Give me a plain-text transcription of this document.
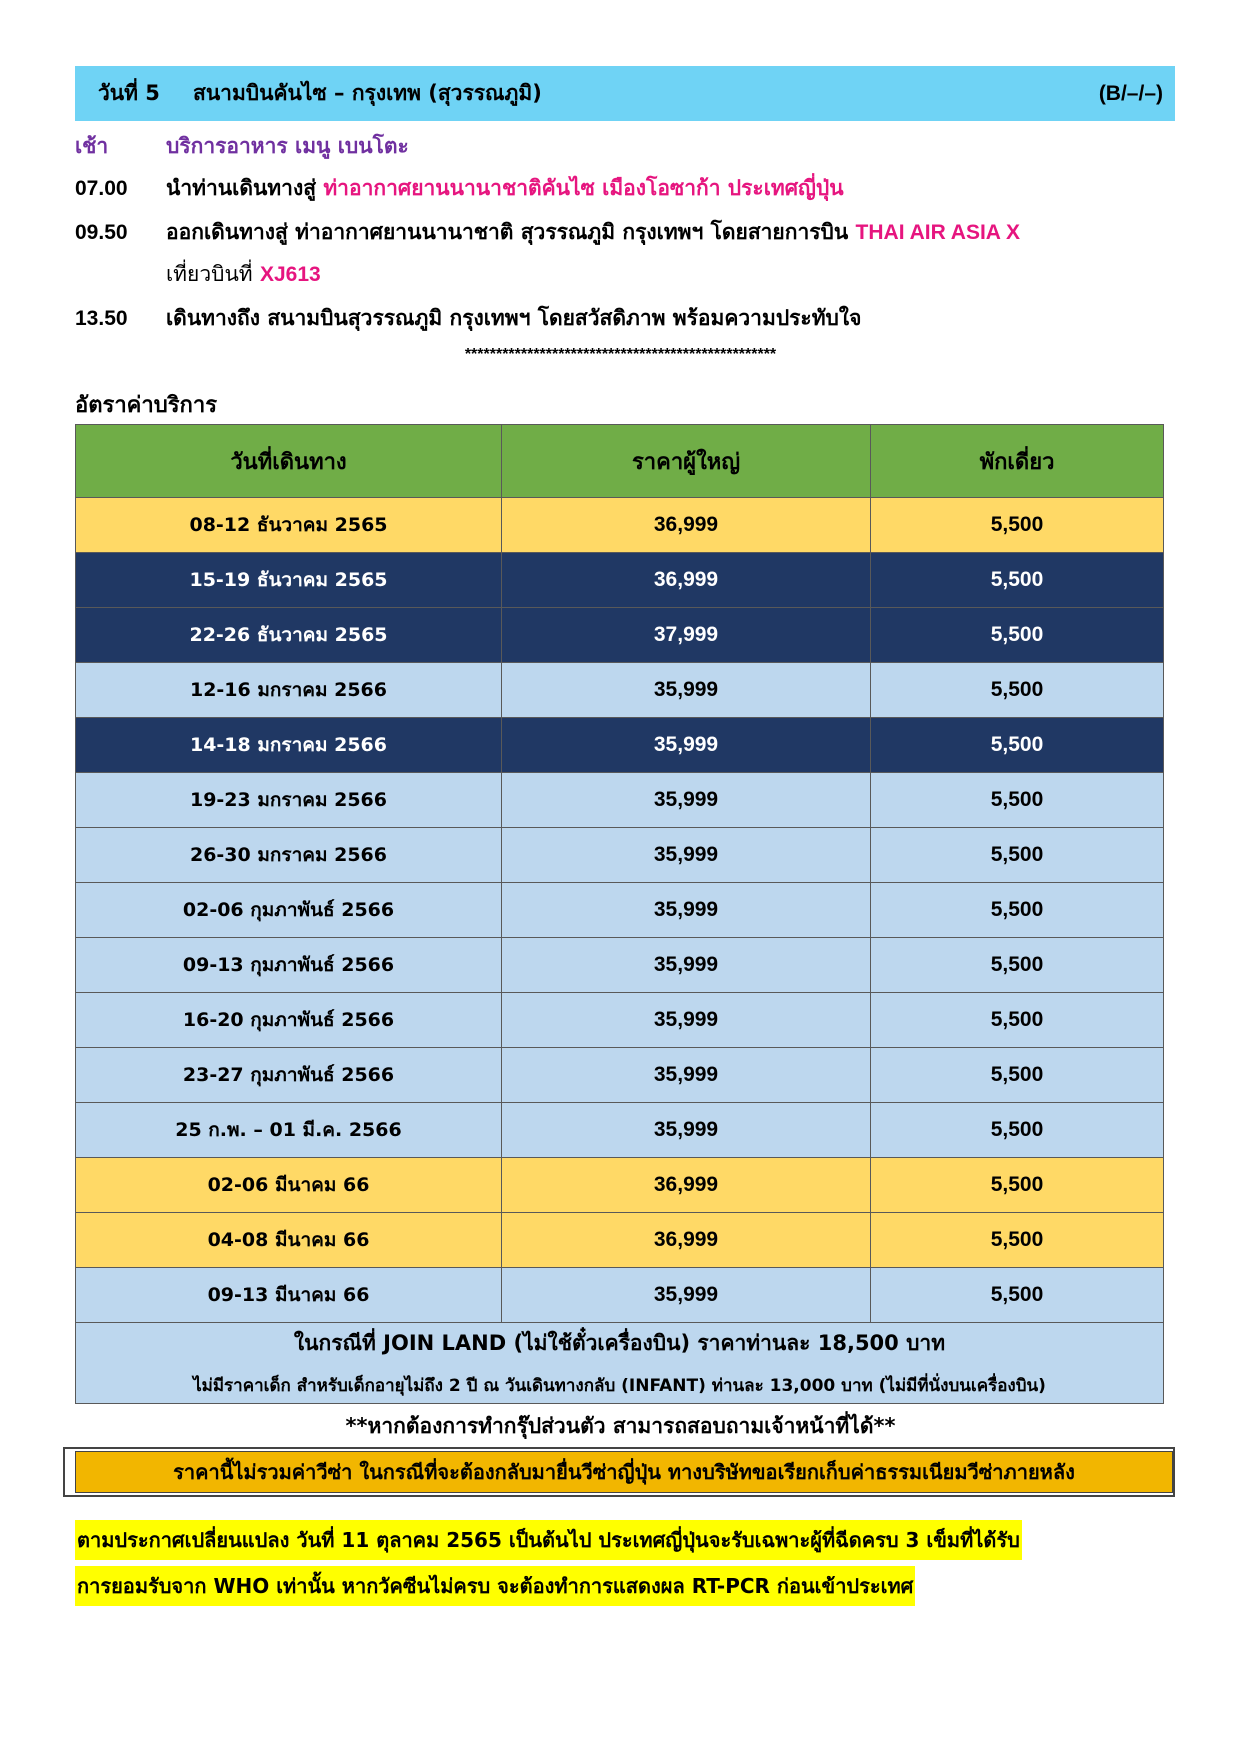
วันที่ 5	สนามบินคันไซ – กรุงเทพ (สุวรรณภูมิ)	(B/–/–)
เช้า	บริการอาหาร เมนู เบนโตะ
07.00 นำท่านเดินทางสู่ ท่าอากาศยานนานาชาติคันไซ เมืองโอซาก้า ประเทศญี่ปุ่น
09.50 ออกเดินทางสู่ ท่าอากาศยานนานาชาติ สุวรรณภูมิ กรุงเทพฯ โดยสายการบิน THAI AIR ASIA X
เที่ยวบินที่ XJ613
13.50 เดินทางถึง สนามบินสุวรรณภูมิ กรุงเทพฯ โดยสวัสดิภาพ พร้อมความประทับใจ
**************************************************
อัตราค่าบริการ
วันที่เดินทาง	ราคาผู้ใหญ่	พักเดี่ยว
08-12 ธันวาคม 2565	36,999	5,500
15-19 ธันวาคม 2565	36,999	5,500
22-26 ธันวาคม 2565	37,999	5,500
12-16 มกราคม 2566	35,999	5,500
14-18 มกราคม 2566	35,999	5,500
19-23 มกราคม 2566	35,999	5,500
26-30 มกราคม 2566	35,999	5,500
02-06 กุมภาพันธ์ 2566	35,999	5,500
09-13 กุมภาพันธ์ 2566	35,999	5,500
16-20 กุมภาพันธ์ 2566	35,999	5,500
23-27 กุมภาพันธ์ 2566	35,999	5,500
25 ก.พ. – 01 มี.ค. 2566	35,999	5,500
02-06 มีนาคม 66	36,999	5,500
04-08 มีนาคม 66	36,999	5,500
09-13 มีนาคม 66	35,999	5,500

ในกรณีที่ JOIN LAND (ไม่ใช้ตั๋วเครื่องบิน) ราคาท่านละ 18,500 บาท
ไม่มีราคาเด็ก สำหรับเด็กอายุไม่ถึง 2 ปี ณ วันเดินทางกลับ (INFANT) ท่านละ 13,000 บาท (ไม่มีที่นั่งบนเครื่องบิน)		
**หากต้องการทำกรุ๊ปส่วนตัว สามารถสอบถามเจ้าหน้าที่ได้**
ราคานี้ไม่รวมค่าวีซ่า ในกรณีที่จะต้องกลับมายื่นวีซ่าญี่ปุ่น ทางบริษัทขอเรียกเก็บค่าธรรมเนียมวีซ่าภายหลัง
ตามประกาศเปลี่ยนแปลง วันที่ 11 ตุลาคม 2565 เป็นต้นไป ประเทศญี่ปุ่นจะรับเฉพาะผู้ที่ฉีดครบ 3 เข็มที่ได้รับ
การยอมรับจาก WHO เท่านั้น หากวัคซีนไม่ครบ จะต้องทำการแสดงผล RT-PCR ก่อนเข้าประเทศ
